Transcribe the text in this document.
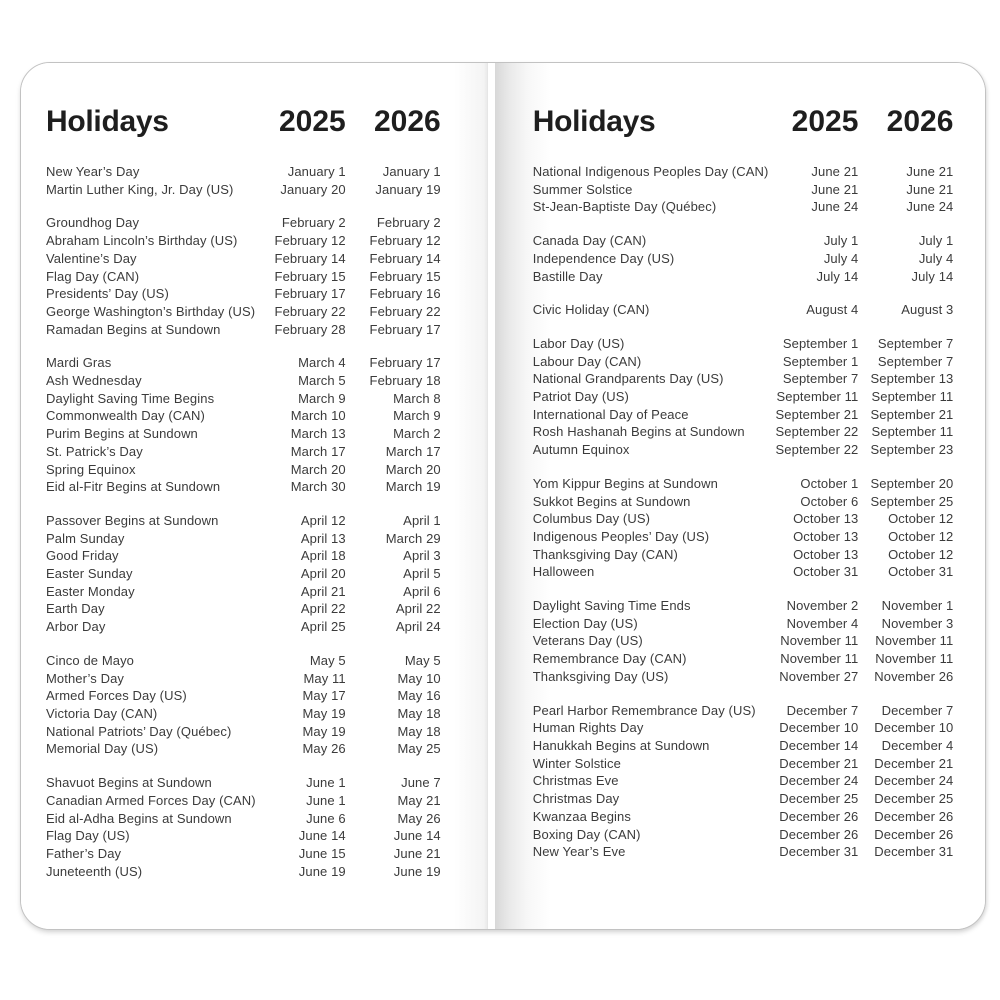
Holidays	2025 2026
New Year’s Day	January 1	January 1
Martin Luther King, Jr. Day (US)	January 20	January 19
Groundhog Day	February 2	February 2
Abraham Lincoln’s Birthday (US)	February 12	February 12
Valentine’s Day	February 14	February 14
Flag Day (CAN)	February 15	February 15
Presidents’ Day (US)	February 17	February 16
George Washington’s Birthday (US)	February 22	February 22
Ramadan Begins at Sundown	February 28	February 17
Mardi Gras	March 4	February 17
Ash Wednesday	March 5	February 18
Daylight Saving Time Begins	March 9	March 8
Commonwealth Day (CAN)	March 10	March 9
Purim Begins at Sundown	March 13	March 2
St. Patrick’s Day	March 17	March 17
Spring Equinox	March 20	March 20
Eid al-Fitr Begins at Sundown	March 30	March 19
Passover Begins at Sundown	April 12	April 1
Palm Sunday	April 13	March 29
Good Friday	April 18	April 3
Easter Sunday	April 20	April 5
Easter Monday	April 21	April 6
Earth Day	April 22	April 22
Arbor Day	April 25	April 24
Cinco de Mayo	May 5	May 5
Mother’s Day	May 11	May 10
Armed Forces Day (US)	May 17	May 16
Victoria Day (CAN)	May 19	May 18
National Patriots’ Day (Québec)	May 19	May 18
Memorial Day (US)	May 26	May 25
Shavuot Begins at Sundown	June 1	June 7
Canadian Armed Forces Day (CAN)	June 1	May 21
Eid al-Adha Begins at Sundown	June 6	May 26
Flag Day (US)	June 14	June 14
Father’s Day	June 15	June 21
Juneteenth (US)	June 19	June 19
Holidays	2025 2026
National Indigenous Peoples Day (CAN)	June 21	June 21
Summer Solstice	June 21	June 21
St-Jean-Baptiste Day (Québec)	June 24	June 24
Canada Day (CAN)	July 1	July 1
Independence Day (US)	July 4	July 4
Bastille Day	July 14	July 14
Civic Holiday (CAN)	August 4	August 3
Labor Day (US)	September 1	September 7
Labour Day (CAN)	September 1	September 7
National Grandparents Day (US)	September 7 September 13
Patriot Day (US)	September 11	September 11
International Day of Peace	September 21 September 21
Rosh Hashanah Begins at Sundown	September 22	September 11
Autumn Equinox	September 22 September 23
Yom Kippur Begins at Sundown	October 1 September 20
Sukkot Begins at Sundown	October 6 September 25
Columbus Day (US)	October 13	October 12
Indigenous Peoples’ Day (US)	October 13	October 12
Thanksgiving Day (CAN)	October 13	October 12
Halloween	October 31	October 31
Daylight Saving Time Ends	November 2	November 1
Election Day (US)	November 4	November 3
Veterans Day (US)	November 11	November 11
Remembrance Day (CAN)	November 11	November 11
Thanksgiving Day (US)	November 27	November 26
Pearl Harbor Remembrance Day (US)	December 7	December 7
Human Rights Day	December 10	December 10
Hanukkah Begins at Sundown	December 14	December 4
Winter Solstice	December 21	December 21
Christmas Eve	December 24	December 24
Christmas Day	December 25	December 25
Kwanzaa Begins	December 26	December 26
Boxing Day (CAN)	December 26	December 26
New Year’s Eve	December 31	December 31
